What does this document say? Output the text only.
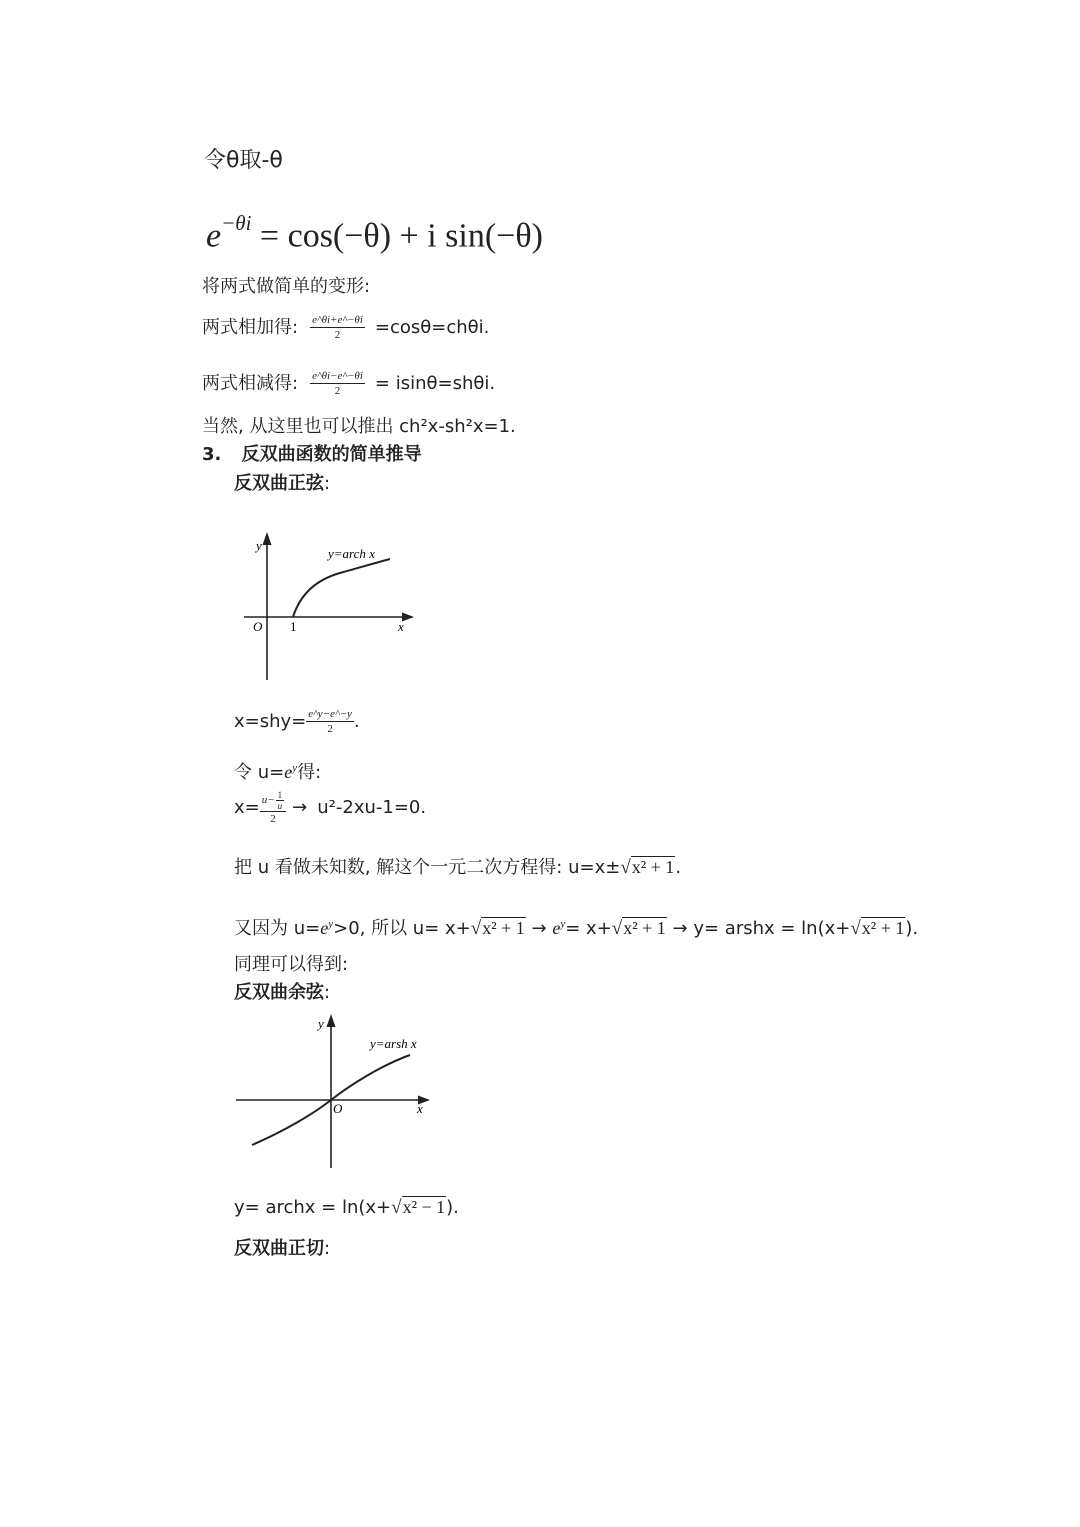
令θ取-θ
$e^{-\theta i} = \cos(-\theta) + i$ sin(−θ)
将两式做简单的变形:
两式相加得: $\frac{e\^{}\theta i+e\^{}-\theta i}{2} =\cos\theta=ch\theta i$.
两式相减得: $\frac{e\^{}\theta i-e\^{}-\theta i}{2} = isin\theta=sh\theta i$.
当然, 从这里也可以推出 ch²x-sh²x=1.
3. 反双曲函数的简单推导
反双曲正弦:
y
y=arch x
O 1	x
$x=shy= \frac{e\^{}y-e\^{}-y}{2}$ .
令 $u=e^y$得:
$x= \frac{u- \frac{1}{u}}{2} \to u^2-2xu-1=0$.
把 u 看做未知数, 解这个一元二次方程得: u=x±√x² + 1.
又因为 $u=e^y>0$, 所以 $u= x+√x^2 + 1 \to e^y= x+√x^2 + 1 \to y=$ arshx = ln(x+√x² + 1).
同理可以得到:
反双曲余弦:
y
y=arsh x
O	x
y= archx = ln(x+√x² − 1).
反双曲正切:
